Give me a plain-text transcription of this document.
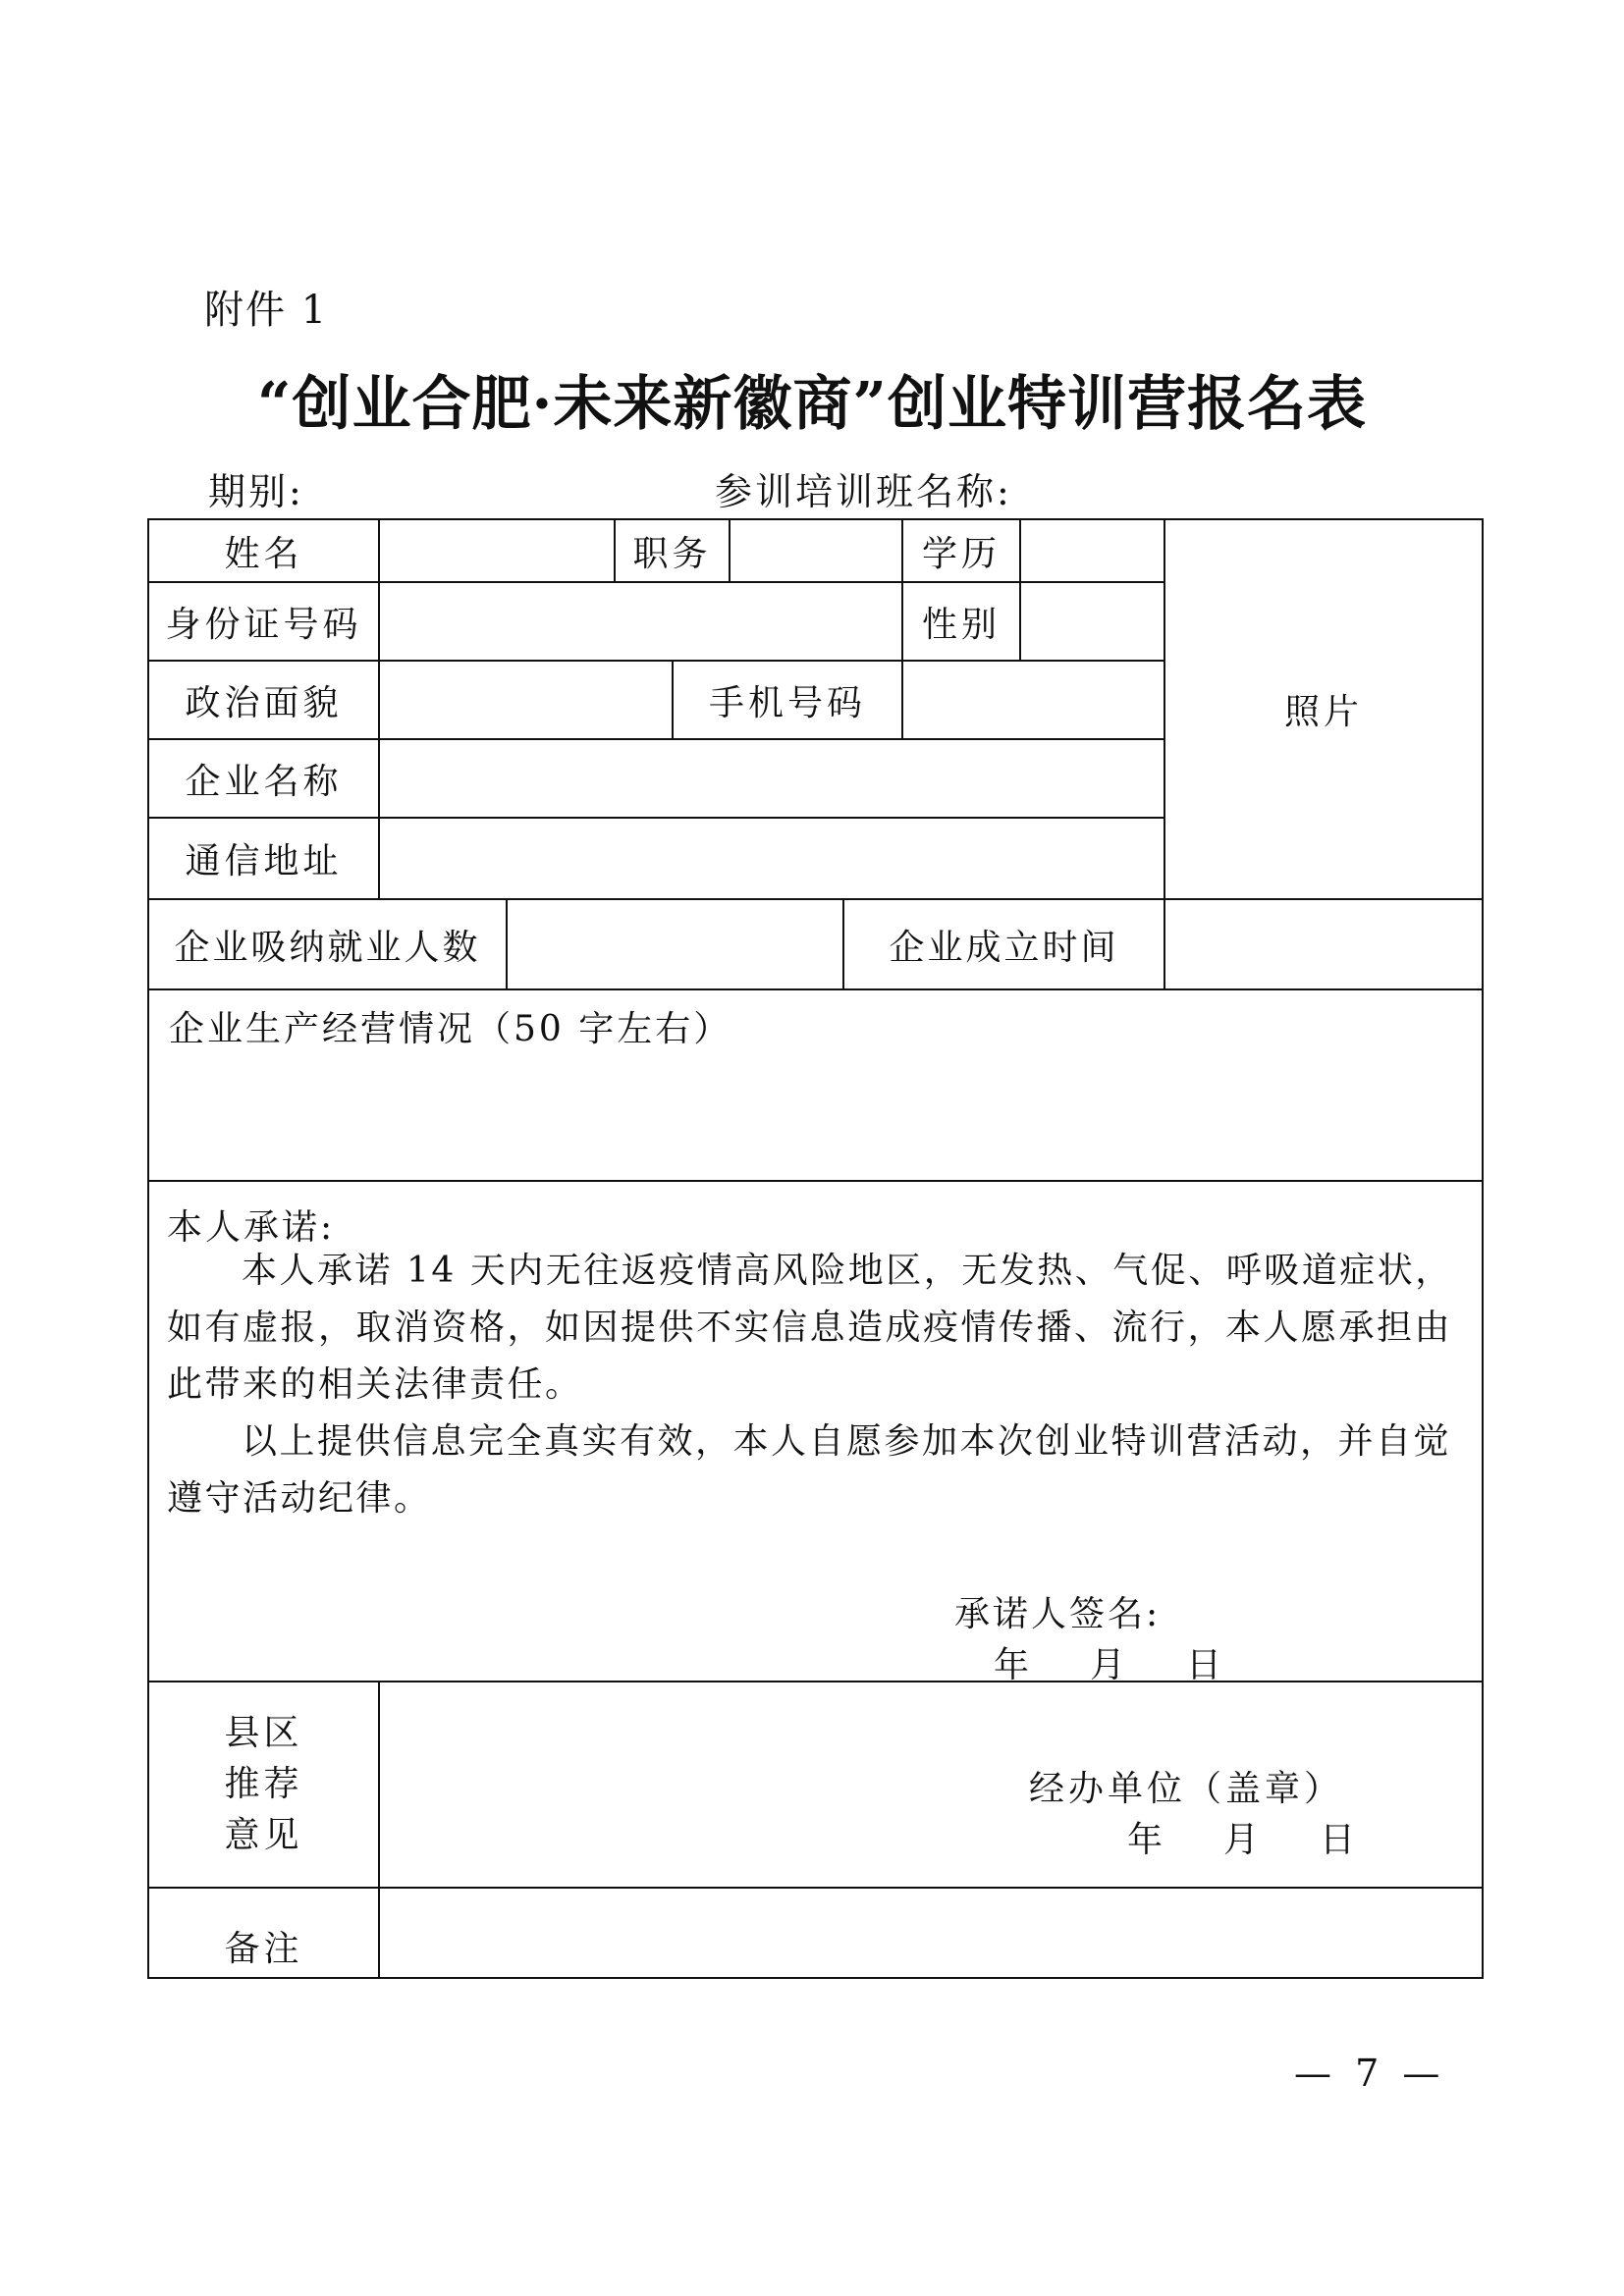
附件 1
“创业合肥·未来新徽商”创业特训营报名表
期别:	参训培训班名称:
姓名	职务	学历
身份证号码	性别
政治面貌	手机号码	照片
企业名称
通信地址
企业吸纳就业人数	企业成立时间
企业生产经营情况（50 字左右）
本人承诺:
本人承诺 14 天内无往返疫情高风险地区，无发热、气促、呼吸道症状，如有虚报，取消资格，如因提供不实信息造成疫情传播、流行，本人愿承担由此带来的相关法律责任。
以上提供信息完全真实有效，本人自愿参加本次创业特训营活动，并自觉遵守活动纪律。
承诺人签名:
年 月 日
县区
推荐
意见
经办单位（盖章）
年 月 日
备注
— 7 —
